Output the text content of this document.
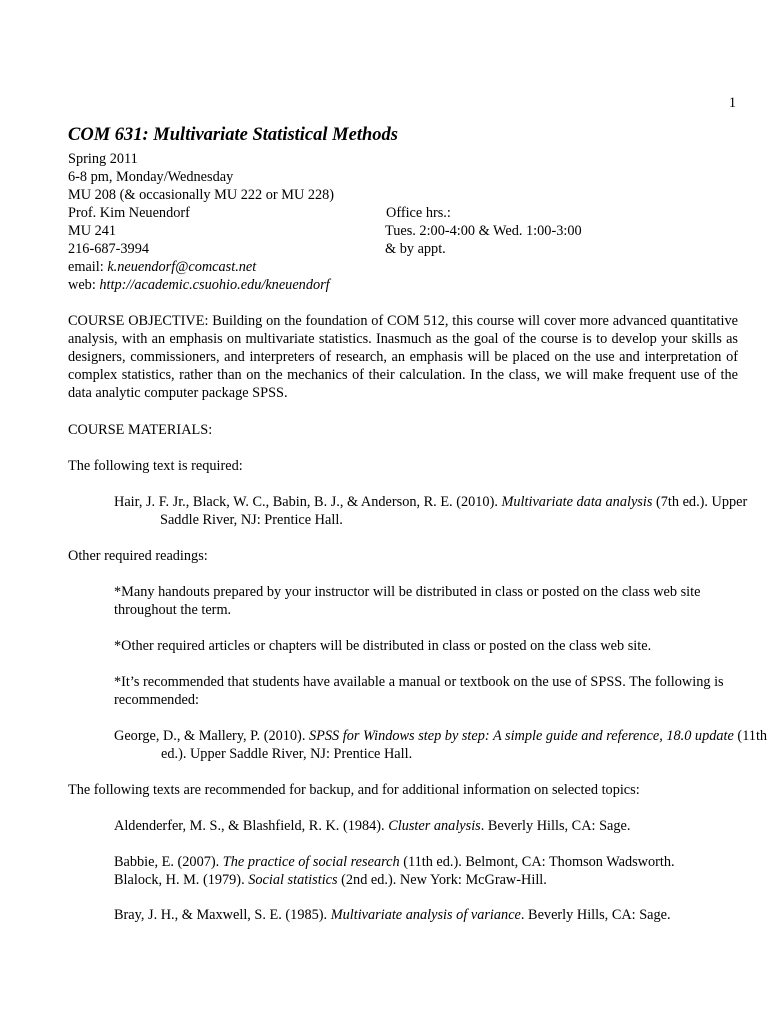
1
COM 631: Multivariate Statistical Methods
Spring 2011
6-8 pm, Monday/Wednesday
MU 208 (& occasionally MU 222 or MU 228)
Prof. Kim Neuendorf	Office hrs.:
MU 241	Tues. 2:00-4:00 & Wed. 1:00-3:00
216-687-3994	& by appt.
email: k.neuendorf@comcast.net
web: http://academic.csuohio.edu/kneuendorf
COURSE OBJECTIVE: Building on the foundation of COM 512, this course will cover more advanced quantitative analysis, with an emphasis on multivariate statistics. Inasmuch as the goal of the course is to develop your skills as designers, commissioners, and interpreters of research, an emphasis will be placed on the use and interpretation of complex statistics, rather than on the mechanics of their calculation. In the class, we will make frequent use of the data analytic computer package SPSS.
COURSE MATERIALS:
The following text is required:
Hair, J. F. Jr., Black, W. C., Babin, B. J., & Anderson, R. E. (2010). Multivariate data analysis (7th ed.). Upper Saddle River, NJ: Prentice Hall.
Other required readings:
*Many handouts prepared by your instructor will be distributed in class or posted on the class web site throughout the term.
*Other required articles or chapters will be distributed in class or posted on the class web site.
*It’s recommended that students have available a manual or textbook on the use of SPSS. The following is recommended:
George, D., & Mallery, P. (2010). SPSS for Windows step by step: A simple guide and reference, 18.0 update (11th ed.). Upper Saddle River, NJ: Prentice Hall.
The following texts are recommended for backup, and for additional information on selected topics:
Aldenderfer, M. S., & Blashfield, R. K. (1984). Cluster analysis. Beverly Hills, CA: Sage.
Babbie, E. (2007). The practice of social research (11th ed.). Belmont, CA: Thomson Wadsworth.
Blalock, H. M. (1979). Social statistics (2nd ed.). New York: McGraw-Hill.
Bray, J. H., & Maxwell, S. E. (1985). Multivariate analysis of variance. Beverly Hills, CA: Sage.
